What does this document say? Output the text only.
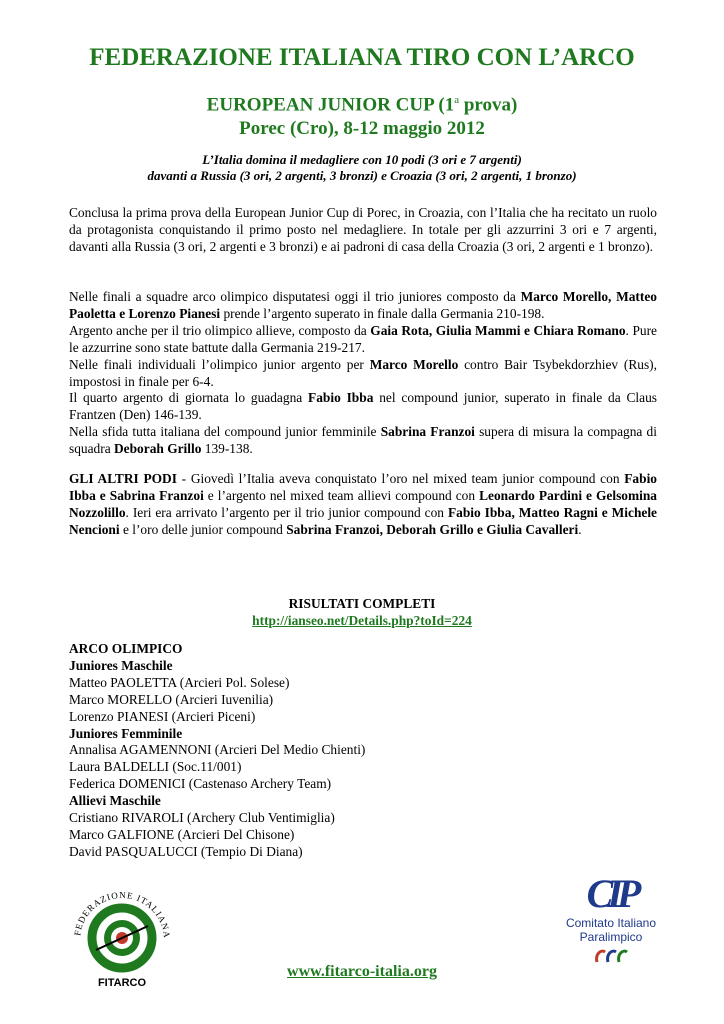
FEDERAZIONE ITALIANA TIRO CON L’ARCO
EUROPEAN JUNIOR CUP (1$^a$ prova)
Porec (Cro), 8-12 maggio 2012
L’Italia domina il medagliere con 10 podi (3 ori e 7 argenti)
davanti a Russia (3 ori, 2 argenti, 3 bronzi) e Croazia (3 ori, 2 argenti, 1 bronzo)

Conclusa la prima prova della European Junior Cup di Porec, in Croazia, con l’Italia che ha recitato un ruolo da protagonista conquistando il primo posto nel medagliere. In totale per gli azzurrini 3 ori e 7 argenti, davanti alla Russia (3 ori, 2 argenti e 3 bronzi) e ai padroni di casa della Croazia (3 ori, 2 argenti e 1 bronzo).

Nelle finali a squadre arco olimpico disputatesi oggi il trio juniores composto da Marco Morello, Matteo Paoletta e Lorenzo Pianesi prende l’argento superato in finale dalla Germania 210-198.

Argento anche per il trio olimpico allieve, composto da Gaia Rota, Giulia Mammi e Chiara Romano. Pure le azzurrine sono state battute dalla Germania 219-217.

Nelle finali individuali l’olimpico junior argento per Marco Morello contro Bair Tsybekdorzhiev (Rus), impostosi in finale per 6-4.

Il quarto argento di giornata lo guadagna Fabio Ibba nel compound junior, superato in finale da Claus Frantzen (Den) 146-139.

Nella sfida tutta italiana del compound junior femminile Sabrina Franzoi supera di misura la compagna di squadra Deborah Grillo 139-138.

GLI ALTRI PODI - Giovedì l’Italia aveva conquistato l’oro nel mixed team junior compound con Fabio Ibba e Sabrina Franzoi e l’argento nel mixed team allievi compound con Leonardo Pardini e Gelsomina Nozzolillo. Ieri era arrivato l’argento per il trio junior compound con Fabio Ibba, Matteo Ragni e Michele Nencioni e l’oro delle junior compound Sabrina Franzoi, Deborah Grillo e Giulia Cavalleri.

RISULTATI COMPLETI
http://ianseo.net/Details.php?toId=224
ARCO OLIMPICO
Juniores Maschile
Matteo PAOLETTA (Arcieri Pol. Solese)
Marco MORELLO (Arcieri Iuvenilia)
Lorenzo PIANESI (Arcieri Piceni)
Juniores Femminile
Annalisa AGAMENNONI (Arcieri Del Medio Chienti)
Laura BALDELLI (Soc.11/001)
Federica DOMENICI (Castenaso Archery Team)
Allievi Maschile
Cristiano RIVAROLI (Archery Club Ventimiglia)
Marco GALFIONE (Arcieri Del Chisone)
David PASQUALUCCI (Tempio Di Diana)
FEDERAZIONE ITALIANA
FITARCO
www.fitarco-italia.org
CIP
Comitato Italiano
Paralimpico
